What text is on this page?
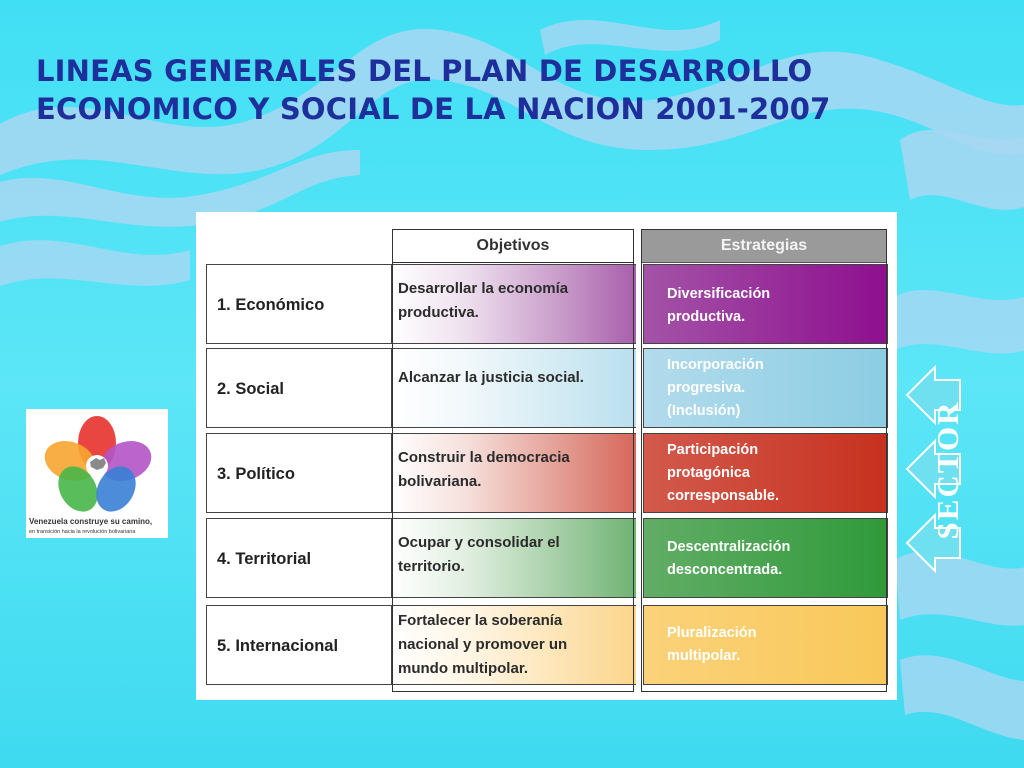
LINEAS GENERALES DEL PLAN DE DESARROLLO
ECONOMICO Y SOCIAL DE LA NACION 2001-2007
Venezuela construye su camino,
en transición hacia la revolución bolivariana
Objetivos	Estrategias
1. Económico
Desarrollar la economía
productiva.
Diversificación
productiva.
2. Social
Alcanzar la justicia social.
Incorporación
progresiva.
(Inclusión)
3. Político
Construir la democracia
bolivariana.
Participación
protagónica
corresponsable.
4. Territorial
Ocupar y consolidar el
territorio.
Descentralización
desconcentrada.
5. Internacional
Fortalecer la soberanía
nacional y promover un
mundo multipolar.
Pluralización
multipolar.
SECTOR
